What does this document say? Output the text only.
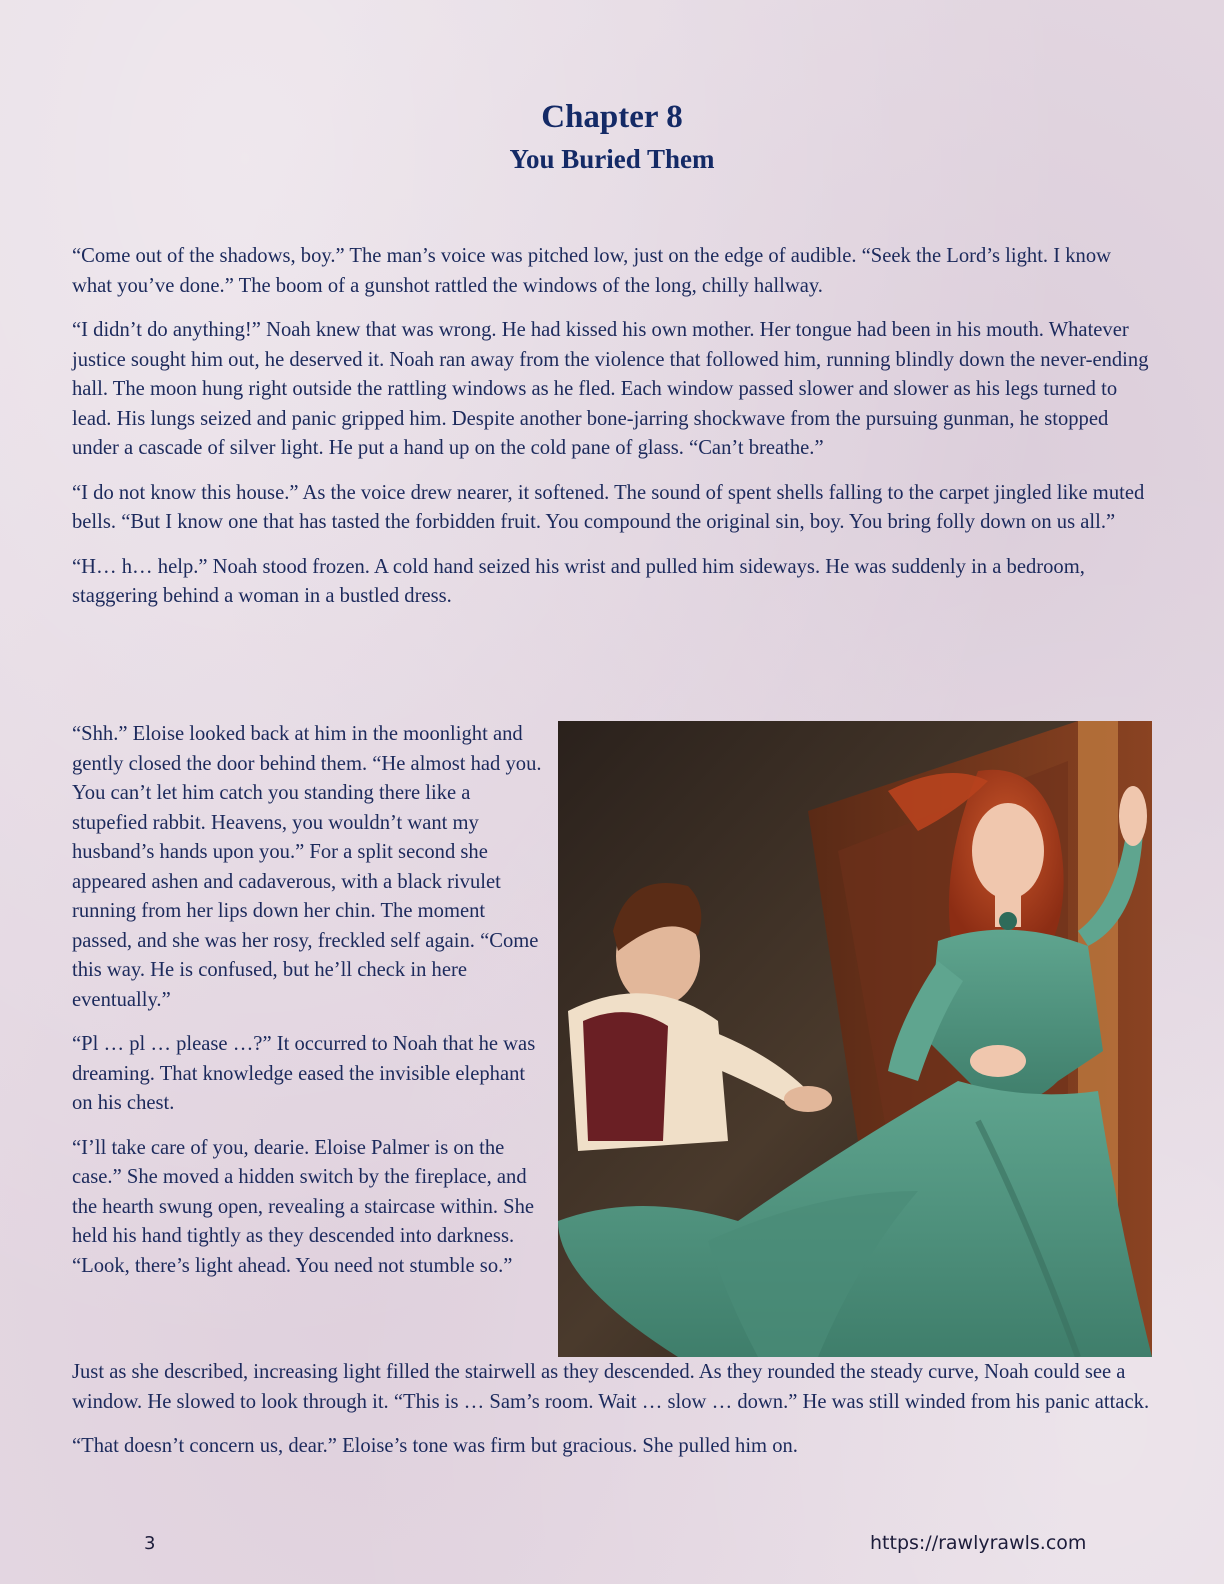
Chapter 8
You Buried Them

“Come out of the shadows, boy.” The man’s voice was pitched low, just on the edge of audible. “Seek the Lord’s light. I know what you’ve done.” The boom of a gunshot rattled the windows of the long, chilly hallway.

“I didn’t do anything!” Noah knew that was wrong. He had kissed his own mother. Her tongue had been in his mouth. Whatever justice sought him out, he deserved it. Noah ran away from the violence that followed him, running blindly down the never-ending hall. The moon hung right outside the rattling windows as he fled. Each window passed slower and slower as his legs turned to lead. His lungs seized and panic gripped him. Despite another bone-jarring shockwave from the pursuing gunman, he stopped under a cascade of silver light. He put a hand up on the cold pane of glass. “Can’t breathe.”

“I do not know this house.” As the voice drew nearer, it softened. The sound of spent shells falling to the carpet jingled like muted bells. “But I know one that has tasted the forbidden fruit. You compound the original sin, boy. You bring folly down on us all.”

“H… h… help.” Noah stood frozen. A cold hand seized his wrist and pulled him sideways. He was suddenly in a bedroom, staggering behind a woman in a bustled dress.

“Shh.” Eloise looked back at him in the moonlight and gently closed the door behind them. “He almost had you. You can’t let him catch you standing there like a stupefied rabbit. Heavens, you wouldn’t want my husband’s hands upon you.” For a split second she appeared ashen and cadaverous, with a black rivulet running from her lips down her chin. The moment passed, and she was her rosy, freckled self again. “Come this way. He is confused, but he’ll check in here eventually.”

“Pl … pl … please …?” It occurred to Noah that he was dreaming. That knowledge eased the invisible elephant on his chest.

“I’ll take care of you, dearie. Eloise Palmer is on the case.” She moved a hidden switch by the fireplace, and the hearth swung open, revealing a staircase within. She held his hand tightly as they descended into darkness. “Look, there’s light ahead. You need not stumble so.”

Just as she described, increasing light filled the stairwell as they descended. As they rounded the steady curve, Noah could see a window. He slowed to look through it. “This is … Sam’s room. Wait … slow … down.” He was still winded from his panic attack.

“That doesn’t concern us, dear.” Eloise’s tone was firm but gracious. She pulled him on.

3	https://rawlyrawls.com
